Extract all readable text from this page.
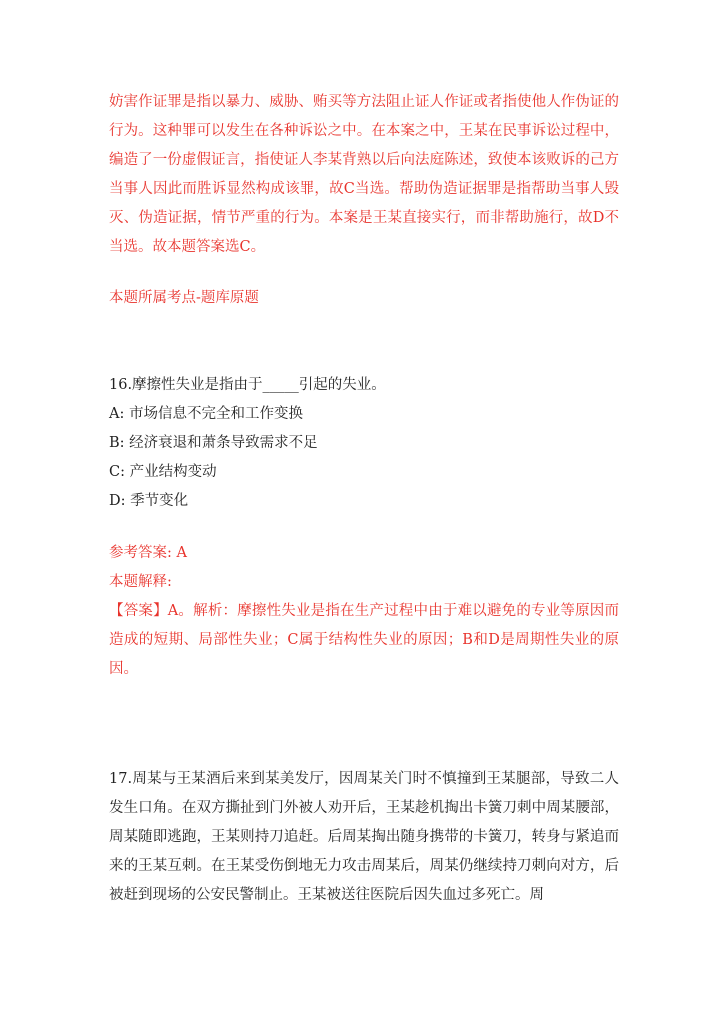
妨害作证罪是指以暴力、威胁、贿买等方法阻止证人作证或者指使他人作伪证的行为。这种罪可以发生在各种诉讼之中。在本案之中，王某在民事诉讼过程中，编造了一份虚假证言，指使证人李某背熟以后向法庭陈述，致使本该败诉的己方当事人因此而胜诉显然构成该罪，故C当选。帮助伪造证据罪是指帮助当事人毁灭、伪造证据，情节严重的行为。本案是王某直接实行，而非帮助施行，故D不当选。故本题答案选C。

本题所属考点-题库原题

16.摩擦性失业是指由于_____引起的失业。

A: 市场信息不完全和工作变换

B: 经济衰退和萧条导致需求不足

C: 产业结构变动

D: 季节变化

参考答案: A

本题解释:

【答案】A。解析：摩擦性失业是指在生产过程中由于难以避免的专业等原因而造成的短期、局部性失业；C属于结构性失业的原因；B和D是周期性失业的原因。

17.周某与王某酒后来到某美发厅，因周某关门时不慎撞到王某腿部，导致二人发生口角。在双方撕扯到门外被人劝开后，王某趁机掏出卡簧刀刺中周某腰部，周某随即逃跑，王某则持刀追赶。后周某掏出随身携带的卡簧刀，转身与紧追而来的王某互刺。在王某受伤倒地无力攻击周某后，周某仍继续持刀刺向对方，后被赶到现场的公安民警制止。王某被送往医院后因失血过多死亡。周
